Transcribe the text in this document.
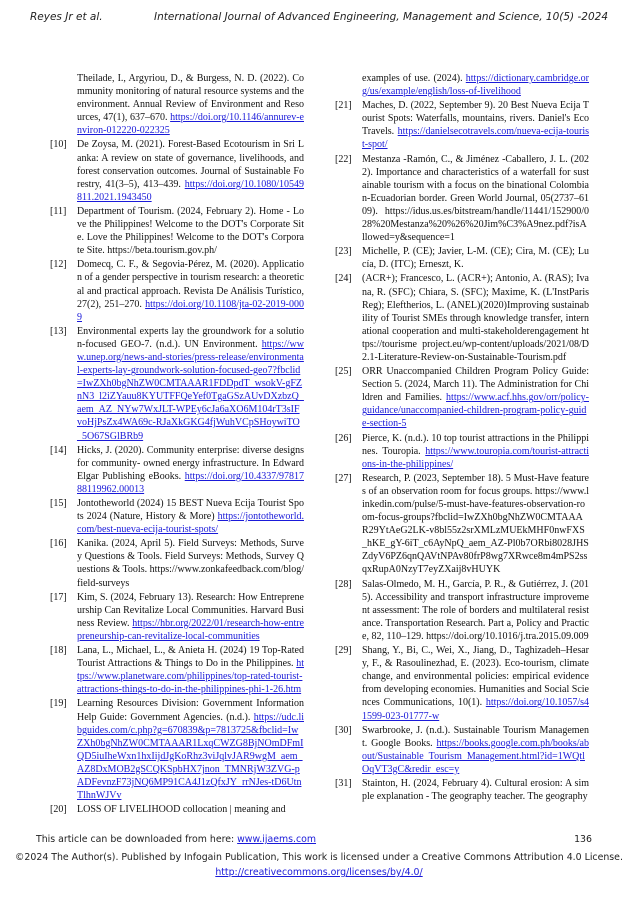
Reyes Jr et al.	International Journal of Advanced Engineering, Management and Science, 10(5) -2024
Theilade, I., Argyriou, D., & Burgess, N. D. (2022). Community monitoring of natural resource systems and the environment. Annual Review of Environment and Resources, 47(1), 637–670. https://doi.org/10.1146/annurev-environ-012220-022325
[10] De Zoysa, M. (2021). Forest-Based Ecotourism in Sri Lanka: A review on state of governance, livelihoods, and forest conservation outcomes. Journal of Sustainable Forestry, 41(3–5), 413–439. https://doi.org/10.1080/10549811.2021.1943450
[11] Department of Tourism. (2024, February 2). Home - Love the Philippines! Welcome to the DOT's Corporate Site. Love the Philippines! Welcome to the DOT's Corporate Site. https://beta.tourism.gov.ph/
[12] Domecq, C. F., & Segovia-Pérez, M. (2020). Application of a gender perspective in tourism research: a theoretical and practical approach. Revista De Análisis Turístico, 27(2), 251–270. https://doi.org/10.1108/jta-02-2019-0009
[13] Environmental experts lay the groundwork for a solution-focused GEO-7. (n.d.). UN Environment. https://www.unep.org/news-and-stories/press-release/environmental-experts-lay-groundwork-solution-focused-geo7?fbclid=IwZXh0bgNhZW0CMTAAAR1FDDpdT_wsokV-gFZnN3_l2iZYauu8KYUTFFQeYef0TgaGSzAUvDXzbzQ_aem_AZ_NYw7WxJLT-WPEy6cJa6aXO6M104rT3sIFvoHjPsZx4WA69c-RJaXkGKG4fjWuhVCpSHoywiTO_5O67SGlBRb9
[14] Hicks, J. (2020). Community enterprise: diverse designs for community- owned energy infrastructure. In Edward Elgar Publishing eBooks. https://doi.org/10.4337/9781788119962.00013
[15] Jontotheworld (2024) 15 BEST Nueva Ecija Tourist Spots 2024 (Nature, History & More) https://jontotheworld.com/best-nueva-ecija-tourist-spots/
[16] Kanika. (2024, April 5). Field Surveys: Methods, Survey Questions & Tools. Field Surveys: Methods, Survey Questions & Tools. https://www.zonkafeedback.com/blog/field-surveys
[17] Kim, S. (2024, February 13). Research: How Entrepreneurship Can Revitalize Local Communities. Harvard Business Review. https://hbr.org/2022/01/research-how-entrepreneurship-can-revitalize-local-communities
[18] Lana, L., Michael, L., & Anieta H. (2024) 19 Top-Rated Tourist Attractions & Things to Do in the Philippines. https://www.planetware.com/philippines/top-rated-tourist-attractions-things-to-do-in-the-philippines-phi-1-26.htm
[19] Learning Resources Division: Government Information Help Guide: Government Agencies. (n.d.). https://udc.libguides.com/c.php?g=670839&p=7813725&fbclid=IwZXh0bgNhZW0CMTAAAR1LxqCWZG8BjNOmDFmIQD5iuIheWxn1hxIijdJgKoRhz3viJqlvJAR9wgM_aem_AZ8DxMOB2gSCQKSpbHX7jnon_TMNRjW3ZVG-pADFevnzF73jNQ6MP91CA4J1zQfxJY_rrNJes-tD6UtnTlhnWJVv
[20] LOSS OF LIVELIHOOD collocation | meaning and
examples of use. (2024). https://dictionary.cambridge.org/us/example/english/loss-of-livelihood
[21] Maches, D. (2022, September 9). 20 Best Nueva Ecija Tourist Spots: Waterfalls, mountains, rivers. Daniel's Eco Travels. https://danielsecotravels.com/nueva-ecija-tourist-spot/
[22] Mestanza -Ramón, C., & Jiménez -Caballero, J. L. (2022). Importance and characteristics of a waterfall for sustainable tourism with a focus on the binational Colombian-Ecuadorian border. Green World Journal, 05(2737–6109). https://idus.us.es/bitstream/handle/11441/152900/028%20Mestanza%20%26%20Jim%C3%A9nez.pdf?isAllowed=y&sequence=1
[23] Michelle, P. (CE); Javier, L-M. (CE); Cira, M. (CE); Lucía, D. (ITC); Erneszt, K.
[24] (ACR+); Francesco, L. (ACR+); Antonio, A. (RAS); Ivana, R. (SFC); Chiara, S. (SFC); Maxime, K. (L'InstParisReg); Eleftherios, L. (ANEL)(2020)Improving sustainability of Tourist SMEs through knowledge transfer, international cooperation and multi-stakeholderengagement https://tourisme project.eu/wp-content/uploads/2021/08/D2.1-Literature-Review-on-Sustainable-Tourism.pdf
[25] ORR Unaccompanied Children Program Policy Guide: Section 5. (2024, March 11). The Administration for Children and Families. https://www.acf.hhs.gov/orr/policy-guidance/unaccompanied-children-program-policy-guide-section-5
[26] Pierce, K. (n.d.). 10 top tourist attractions in the Philippines. Touropia. https://www.touropia.com/tourist-attractions-in-the-philippines/
[27] Research, P. (2023, September 18). 5 Must-Have features of an observation room for focus groups. https://www.linkedin.com/pulse/5-must-have-features-observation-room-focus-groups?fbclid=IwZXh0bgNhZW0CMTAAAR29YtAeG2LK-v8bl55z2srXMLzMUEkMHF0nwFXS_hKE_gY-6iT_c6AyNpQ_aem_AZ-Pl0b7ORbi8028JHSZdyV6PZ6qnQAVtNPAv80frP8wg7XRwce8m4mPS2ssqxRupA0NzyT7eyZXaij8vHUYK
[28] Salas-Olmedo, M. H., García, P. R., & Gutiérrez, J. (2015). Accessibility and transport infrastructure improvement assessment: The role of borders and multilateral resistance. Transportation Research. Part a, Policy and Practice, 82, 110–129. https://doi.org/10.1016/j.tra.2015.09.009
[29] Shang, Y., Bi, C., Wei, X., Jiang, D., Taghizadeh–Hesary, F., & Rasoulinezhad, E. (2023). Eco-tourism, climate change, and environmental policies: empirical evidence from developing economies. Humanities and Social Sciences Communications, 10(1). https://doi.org/10.1057/s41599-023-01777-w
[30] Swarbrooke, J. (n.d.). Sustainable Tourism Management. Google Books. https://books.google.com.ph/books/about/Sustainable_Tourism_Management.html?id=1WQtlOqVT3gC&redir_esc=y
[31] Stainton, H. (2024, February 4). Cultural erosion: A simple explanation - The geography teacher. The geography
This article can be downloaded from here: www.ijaems.com	136
©2024 The Author(s). Published by Infogain Publication, This work is licensed under a Creative Commons Attribution 4.0 License.
http://creativecommons.org/licenses/by/4.0/
